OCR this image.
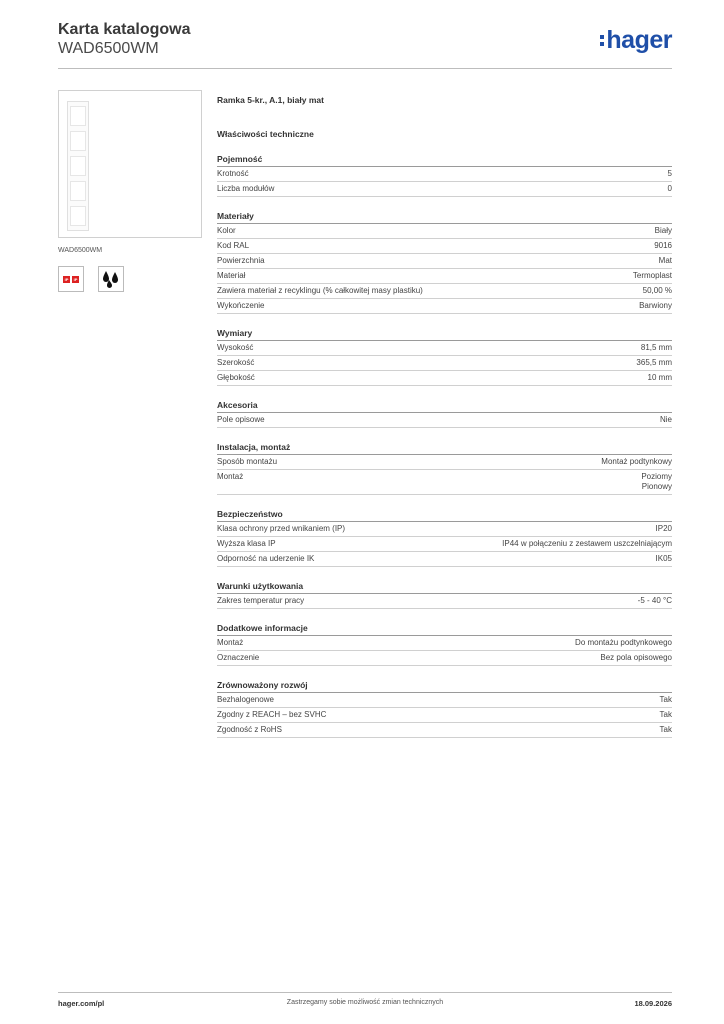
Karta katalogowa
WAD6500WM	hager
WAD6500WM
IP	IP
Ramka 5-kr., A.1, biały mat
Właściwości techniczne
Pojemność
Krotność	5
Liczba modułów	0
Materiały
Kolor	Biały
Kod RAL	9016
Powierzchnia	Mat
Materiał	Termoplast
Zawiera materiał z recyklingu (% całkowitej masy plastiku)	50,00 %
Wykończenie	Barwiony
Wymiary
Wysokość	81,5 mm
Szerokość	365,5 mm
Głębokość	10 mm
Akcesoria
Pole opisowe	Nie
Instalacja, montaż
Sposób montażu	Montaż podtynkowy
Montaż	Poziomy
Pionowy
Bezpieczeństwo
Klasa ochrony przed wnikaniem (IP)	IP20
Wyższa klasa IP	IP44 w połączeniu z zestawem uszczelniającym
Odporność na uderzenie IK	IK05
Warunki użytkowania
Zakres temperatur pracy	-5 - 40 °C
Dodatkowe informacje
Montaż	Do montażu podtynkowego
Oznaczenie	Bez pola opisowego
Zrównoważony rozwój
Bezhalogenowe	Tak
Zgodny z REACH – bez SVHC	Tak
Zgodność z RoHS	Tak
hager.com/pl	Zastrzegamy sobie możliwość zmian technicznych	18.09.2026
